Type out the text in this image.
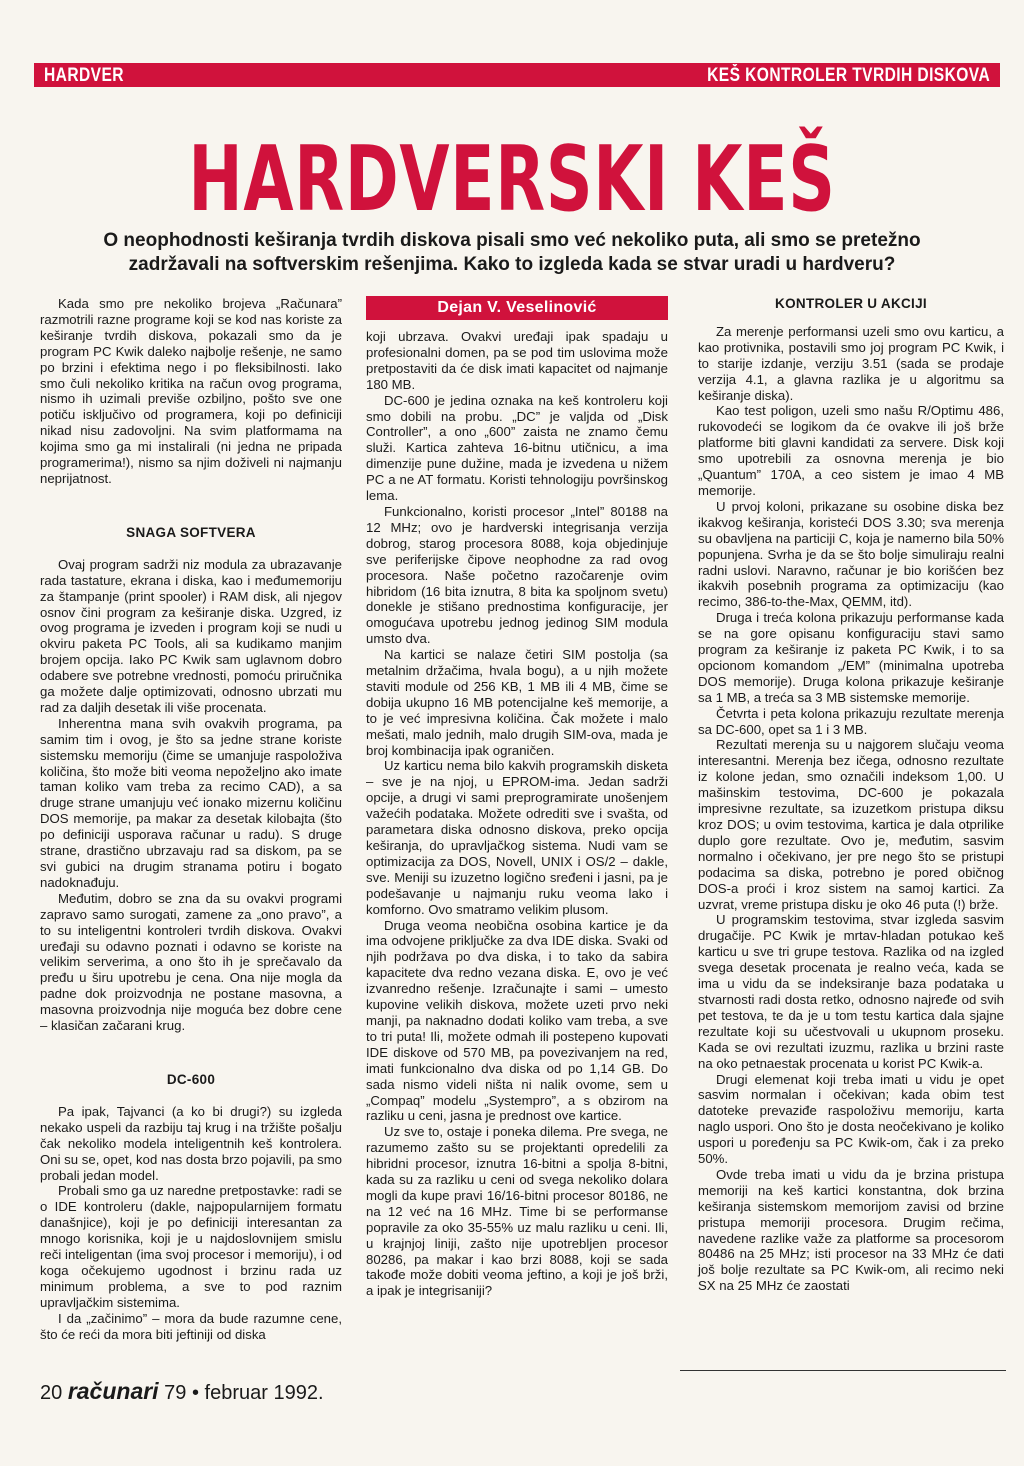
HARDVER	KEŠ KONTROLER TVRDIH DISKOVA
HARDVERSKI KEŠ
O neophodnosti keširanja tvrdih diskova pisali smo već nekoliko puta, ali smo se pretežno zadržavali na softverskim rešenjima. Kako to izgleda kada se stvar uradi u hardveru?

Kada smo pre nekoliko brojeva „Računara” razmotrili razne programe koji se kod nas koriste za keširanje tvrdih diskova, pokazali smo da je program PC Kwik daleko najbolje rešenje, ne samo po brzini i efektima nego i po fleksibilnosti. Iako smo čuli nekoliko kritika na račun ovog programa, nismo ih uzimali previše ozbiljno, pošto sve one potiču isključivo od programera, koji po definiciji nikad nisu zadovoljni. Na svim platformama na kojima smo ga mi instalirali (ni jedna ne pripada programerima!), nismo sa njim doživeli ni najmanju neprijatnost.

SNAGA SOFTVERA

Ovaj program sadrži niz modula za ubrazavanje rada tastature, ekrana i diska, kao i međumemoriju za štampanje (print spooler) i RAM disk, ali njegov osnov čini program za keširanje diska. Uzgred, iz ovog programa je izveden i program koji se nudi u okviru paketa PC Tools, ali sa kudikamo manjim brojem opcija. Iako PC Kwik sam uglavnom dobro odabere sve potrebne vrednosti, pomoću priručnika ga možete dalje optimizovati, odnosno ubrzati mu rad za daljih desetak ili više procenata.

Inherentna mana svih ovakvih programa, pa samim tim i ovog, je što sa jedne strane koriste sistemsku memoriju (čime se umanjuje raspoloživa količina, što može biti veoma nepoželjno ako imate taman koliko vam treba za recimo CAD), a sa druge strane umanjuju već ionako mizernu količinu DOS memorije, pa makar za desetak kilobajta (što po definiciji usporava računar u radu). S druge strane, drastično ubrzavaju rad sa diskom, pa se svi gubici na drugim stranama potiru i bogato nadoknađuju.

Međutim, dobro se zna da su ovakvi programi zapravo samo surogati, zamene za „ono pravo”, a to su inteligentni kontroleri tvrdih diskova. Ovakvi uređaji su odavno poznati i odavno se koriste na velikim serverima, a ono što ih je sprečavalo da pređu u širu upotrebu je cena. Ona nije mogla da padne dok proizvodnja ne postane masovna, a masovna proizvodnja nije moguća bez dobre cene – klasičan začarani krug.

DC-600

Pa ipak, Tajvanci (a ko bi drugi?) su izgleda nekako uspeli da razbiju taj krug i na tržište pošalju čak nekoliko modela inteligentnih keš kontrolera. Oni su se, opet, kod nas dosta brzo pojavili, pa smo probali jedan model.

Probali smo ga uz naredne pretpostavke: radi se o IDE kontroleru (dakle, najpopularnijem formatu današnjice), koji je po definiciji interesantan za mnogo korisnika, koji je u najdoslovnijem smislu reči inteligentan (ima svoj procesor i memoriju), i od koga očekujemo ugodnost i brzinu rada uz minimum problema, a sve to pod raznim upravljačkim sistemima.

I da „začinimo” – mora da bude razumne cene, što će reći da mora biti jeftiniji od diska

Dejan V. Veselinović

koji ubrzava. Ovakvi uređaji ipak spadaju u profesionalni domen, pa se pod tim uslovima može pretpostaviti da će disk imati kapacitet od najmanje 180 MB.

DC-600 je jedina oznaka na keš kontroleru koji smo dobili na probu. „DC” je valjda od „Disk Controller”, a ono „600” zaista ne znamo čemu služi. Kartica zahteva 16-bitnu utičnicu, a ima dimenzije pune dužine, mada je izvedena u nižem PC a ne AT formatu. Koristi tehnologiju površinskog lema.

Funkcionalno, koristi procesor „Intel” 80188 na 12 MHz; ovo je hardverski integrisanja verzija dobrog, starog procesora 8088, koja objedinjuje sve periferijske čipove neophodne za rad ovog procesora. Naše početno razočarenje ovim hibridom (16 bita iznutra, 8 bita ka spoljnom svetu) donekle je stišano prednostima konfiguracije, jer omogućava upotrebu jednog jedinog SIM modula umsto dva.

Na kartici se nalaze četiri SIM postolja (sa metalnim držačima, hvala bogu), a u njih možete staviti module od 256 KB, 1 MB ili 4 MB, čime se dobija ukupno 16 MB potencijalne keš memorije, a to je već impresivna količina. Čak možete i malo mešati, malo jednih, malo drugih SIM-ova, mada je broj kombinacija ipak ograničen.

Uz karticu nema bilo kakvih programskih disketa – sve je na njoj, u EPROM-ima. Jedan sadrži opcije, a drugi vi sami preprogramirate unošenjem važećih podataka. Možete odrediti sve i svašta, od parametara diska odnosno diskova, preko opcija keširanja, do upravljačkog sistema. Nudi vam se optimizacija za DOS, Novell, UNIX i OS/2 – dakle, sve. Meniji su izuzetno logično sređeni i jasni, pa je podešavanje u najmanju ruku veoma lako i komforno. Ovo smatramo velikim plusom.

Druga veoma neobična osobina kartice je da ima odvojene priključke za dva IDE diska. Svaki od njih podržava po dva diska, i to tako da sabira kapacitete dva redno vezana diska. E, ovo je već izvanredno rešenje. Izračunajte i sami – umesto kupovine velikih diskova, možete uzeti prvo neki manji, pa naknadno dodati koliko vam treba, a sve to tri puta! Ili, možete odmah ili postepeno kupovati IDE diskove od 570 MB, pa povezivanjem na red, imati funkcionalno dva diska od po 1,14 GB. Do sada nismo videli ništa ni nalik ovome, sem u „Compaq” modelu „Systempro”, a s obzirom na razliku u ceni, jasna je prednost ove kartice.

Uz sve to, ostaje i poneka dilema. Pre svega, ne razumemo zašto su se projektanti opredelili za hibridni procesor, iznutra 16-bitni a spolja 8-bitni, kada su za razliku u ceni od svega nekoliko dolara mogli da kupe pravi 16/16-bitni procesor 80186, ne na 12 već na 16 MHz. Time bi se performanse popravile za oko 35-55% uz malu razliku u ceni. Ili, u krajnjoj liniji, zašto nije upotrebljen procesor 80286, pa makar i kao brzi 8088, koji se sada takođe može dobiti veoma jeftino, a koji je još brži, a ipak je integrisaniji?

KONTROLER U AKCIJI

Za merenje performansi uzeli smo ovu karticu, a kao protivnika, postavili smo joj program PC Kwik, i to starije izdanje, verziju 3.51 (sada se prodaje verzija 4.1, a glavna razlika je u algoritmu sa keširanje diska).

Kao test poligon, uzeli smo našu R/Optimu 486, rukovodeći se logikom da će ovakve ili još brže platforme biti glavni kandidati za servere. Disk koji smo upotrebili za osnovna merenja je bio „Quantum” 170A, a ceo sistem je imao 4 MB memorije.

U prvoj koloni, prikazane su osobine diska bez ikakvog keširanja, koristeći DOS 3.30; sva merenja su obavljena na particiji C, koja je namerno bila 50% popunjena. Svrha je da se što bolje simuliraju realni radni uslovi. Naravno, računar je bio korišćen bez ikakvih posebnih programa za optimizaciju (kao recimo, 386-to-the-Max, QEMM, itd).

Druga i treća kolona prikazuju performanse kada se na gore opisanu konfiguraciju stavi samo program za keširanje iz paketa PC Kwik, i to sa opcionom komandom „/EM” (minimalna upotreba DOS memorije). Druga kolona prikazuje keširanje sa 1 MB, a treća sa 3 MB sistemske memorije.

Četvrta i peta kolona prikazuju rezultate merenja sa DC-600, opet sa 1 i 3 MB.

Rezultati merenja su u najgorem slučaju veoma interesantni. Merenja bez ičega, odnosno rezultate iz kolone jedan, smo označili indeksom 1,00. U mašinskim testovima, DC-600 je pokazala impresivne rezultate, sa izuzetkom pristupa diksu kroz DOS; u ovim testovima, kartica je dala otprilike duplo gore rezultate. Ovo je, međutim, sasvim normalno i očekivano, jer pre nego što se pristupi podacima sa diska, potrebno je pored običnog DOS-a proći i kroz sistem na samoj kartici. Za uzvrat, vreme pristupa disku je oko 46 puta (!) brže.

U programskim testovima, stvar izgleda sasvim drugačije. PC Kwik je mrtav-hladan potukao keš karticu u sve tri grupe testova. Razlika od na izgled svega desetak procenata je realno veća, kada se ima u vidu da se indeksiranje baza podataka u stvarnosti radi dosta retko, odnosno najređe od svih pet testova, te da je u tom testu kartica dala sjajne rezultate koji su učestvovali u ukupnom proseku. Kada se ovi rezultati izuzmu, razlika u brzini raste na oko petnaestak procenata u korist PC Kwik-a.

Drugi elemenat koji treba imati u vidu je opet sasvim normalan i očekivan; kada obim test datoteke prevaziđe raspoloživu memoriju, karta naglo uspori. Ono što je dosta neočekivano je koliko uspori u poređenju sa PC Kwik-om, čak i za preko 50%.

Ovde treba imati u vidu da je brzina pristupa memoriji na keš kartici konstantna, dok brzina keširanja sistemskom memorijom zavisi od brzine pristupa memoriji procesora. Drugim rečima, navedene razlike važe za platforme sa procesorom 80486 na 25 MHz; isti procesor na 33 MHz će dati još bolje rezultate sa PC Kwik-om, ali recimo neki SX na 25 MHz će zaostati

20 računari 79 • februar 1992.
